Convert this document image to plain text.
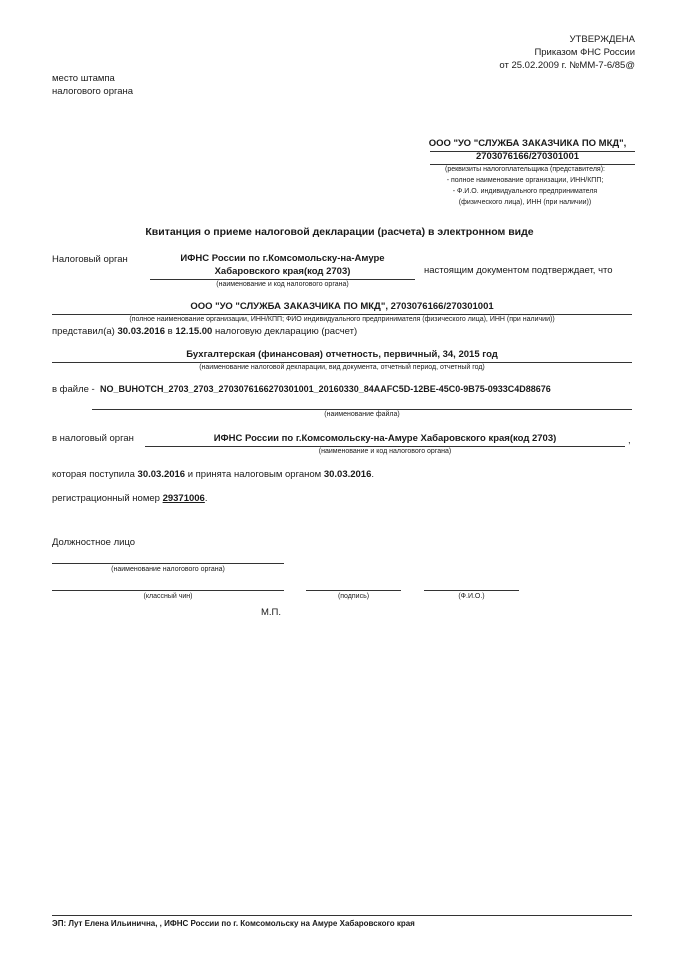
УТВЕРЖДЕНА
Приказом ФНС России
от 25.02.2009 г. №ММ-7-6/85@
место штампа
налогового органа
ООО "УО "СЛУЖБА ЗАКАЗЧИКА ПО МКД",
2703076166/270301001
(реквизиты налогоплательщика (представителя):
- полное наименование организации, ИНН/КПП;
- Ф.И.О. индивидуального предпринимателя
(физического лица), ИНН (при наличии))
Квитанция о приеме налоговой декларации (расчета) в электронном виде
Налоговый орган	ИФНС России по г.Комсомольску-на-Амуре
Хабаровского края(код 2703)	настоящим документом подтверждает, что
(наименование и код налогового органа)
ООО "УО "СЛУЖБА ЗАКАЗЧИКА ПО МКД", 2703076166/270301001
(полное наименование организации, ИНН/КПП; ФИО индивидуального предпринимателя (физического лица), ИНН (при наличии))
представил(а) 30.03.2016 в 12.15.00 налоговую декларацию (расчет)
Бухгалтерская (финансовая) отчетность, первичный, 34, 2015 год
(наименование налоговой декларации, вид документа, отчетный период, отчетный год)
в файле - NO_BUHOTCH_2703_2703_2703076166270301001_20160330_84AAFC5D-12BE-45C0-9B75-0933C4D88676
(наименование файла)
в налоговый орган	ИФНС России по г.Комсомольску-на-Амуре Хабаровского края(код 2703)	,
(наименование и код налогового органа)
которая поступила 30.03.2016 и принята налоговым органом 30.03.2016.
регистрационный номер 29371006.
Должностное лицо
(наименование налогового органа)
(классный чин)	(подпись)	(Ф.И.О.)
М.П.
ЭП: Лут Елена Ильинична, , ИФНС России по г. Комсомольску на Амуре Хабаровского края
